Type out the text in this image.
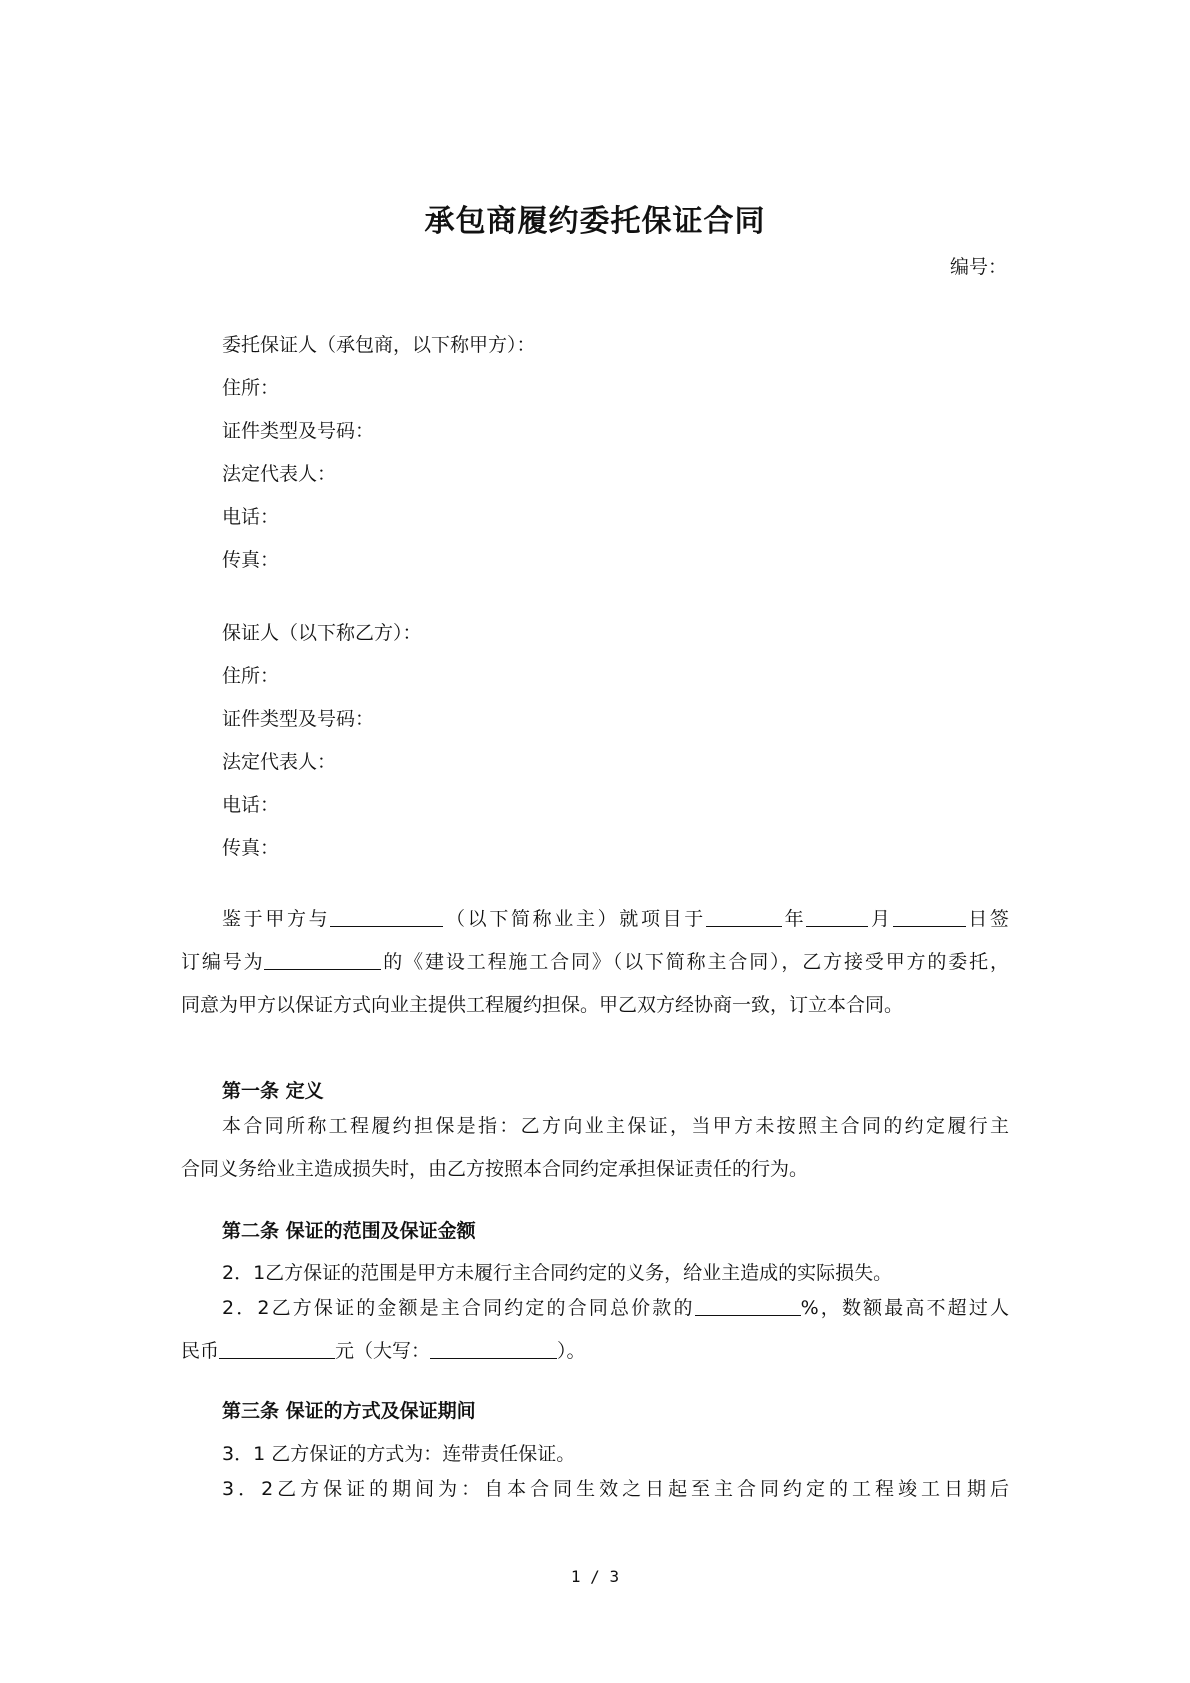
承包商履约委托保证合同
编号：
委托保证人（承包商，以下称甲方）：
住所：
证件类型及号码：
法定代表人：
电话：
传真：
保证人（以下称乙方）：
住所：
证件类型及号码：
法定代表人：
电话：
传真：

鉴于甲方与	（以下简称业主）就项目于	年	月	日签

订编号为	的《建设工程施工合同》（以下简称主合同），乙方接受甲方的委托，

同意为甲方以保证方式向业主提供工程履约担保。甲乙双方经协商一致，订立本合同。

第一条 定义

本合同所称工程履约担保是指：乙方向业主保证，当甲方未按照主合同的约定履行主

合同义务给业主造成损失时，由乙方按照本合同约定承担保证责任的行为。

第二条 保证的范围及保证金额
2．1乙方保证的范围是甲方未履行主合同约定的义务，给业主造成的实际损失。

2．2乙方保证的金额是主合同约定的合同总价款的	%，数额最高不超过人

民币	元（大写：	）。

第三条 保证的方式及保证期间
3．1 乙方保证的方式为：连带责任保证。

3．2乙方保证的期间为：自本合同生效之日起至主合同约定的工程竣工日期后

1 / 3
